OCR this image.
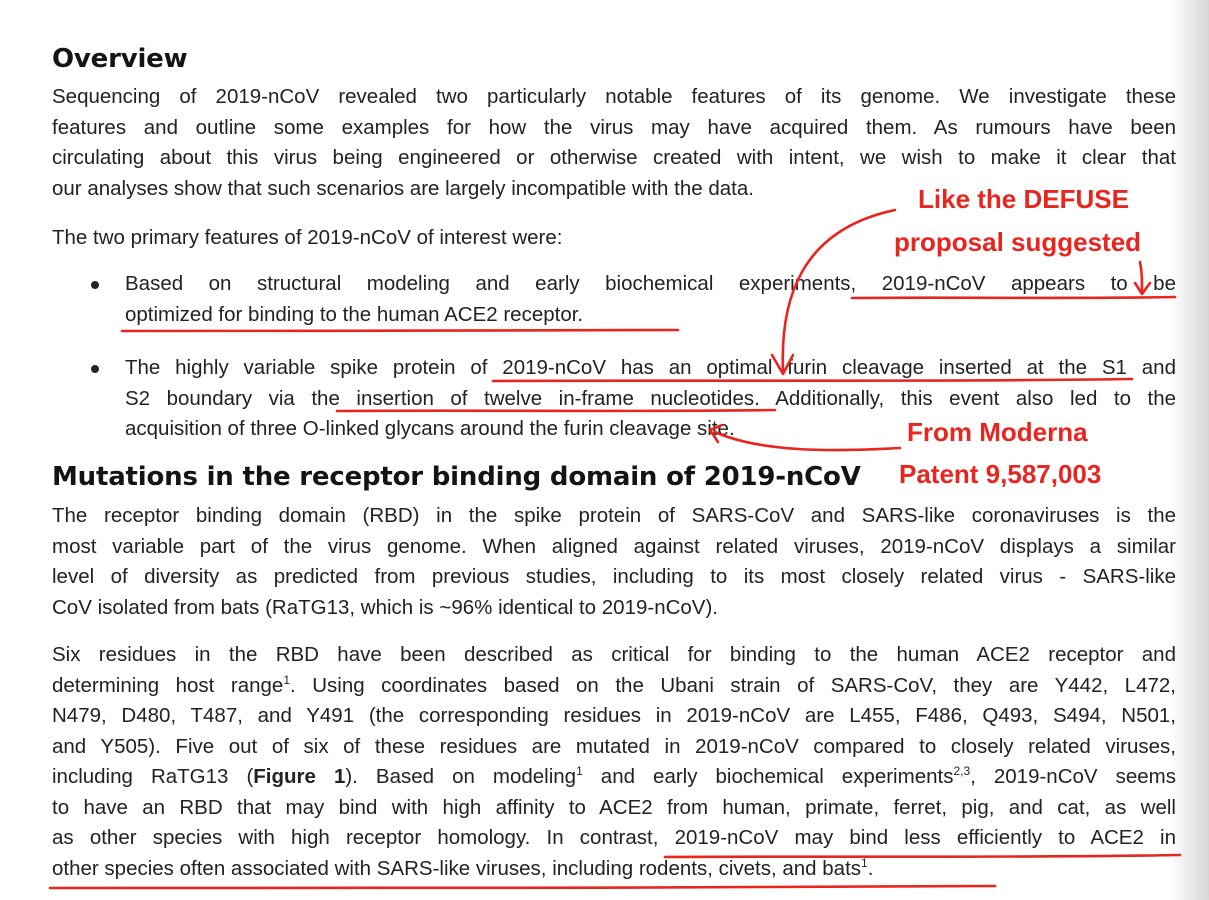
Overview
Sequencing of 2019-nCoV revealed two particularly notable features of its genome. We investigate these
features and outline some examples for how the virus may have acquired them. As rumours have been
circulating about this virus being engineered or otherwise created with intent, we wish to make it clear that
our analyses show that such scenarios are largely incompatible with the data.
The two primary features of 2019-nCoV of interest were:
Based on structural modeling and early biochemical experiments, 2019-nCoV appears to be
optimized for binding to the human ACE2 receptor.
The highly variable spike protein of 2019-nCoV has an optimal furin cleavage inserted at the S1 and
S2 boundary via the insertion of twelve in-frame nucleotides. Additionally, this event also led to the
acquisition of three O-linked glycans around the furin cleavage site.
Mutations in the receptor binding domain of 2019-nCoV
The receptor binding domain (RBD) in the spike protein of SARS-CoV and SARS-like coronaviruses is the
most variable part of the virus genome. When aligned against related viruses, 2019-nCoV displays a similar
level of diversity as predicted from previous studies, including to its most closely related virus - SARS-like
CoV isolated from bats (RaTG13, which is ~96% identical to 2019-nCoV).
Six residues in the RBD have been described as critical for binding to the human ACE2 receptor and
determining host range$^1$. Using coordinates based on the Ubani strain of SARS-CoV, they are Y442, L472,
N479, D480, T487, and Y491 (the corresponding residues in 2019-nCoV are L455, F486, Q493, S494, N501,
and Y505). Five out of six of these residues are mutated in 2019-nCoV compared to closely related viruses,
including RaTG13 (Figure 1). Based on modeling$^1$ and early biochemical experiments$^{2,3}$, 2019-nCoV seems
to have an RBD that may bind with high affinity to ACE2 from human, primate, ferret, pig, and cat, as well
as other species with high receptor homology. In contrast, 2019-nCoV may bind less efficiently to ACE2 in
other species often associated with SARS-like viruses, including rodents, civets, and bats$^1$.
Like the DEFUSE
proposal suggested
From Moderna
Patent 9,587,003
